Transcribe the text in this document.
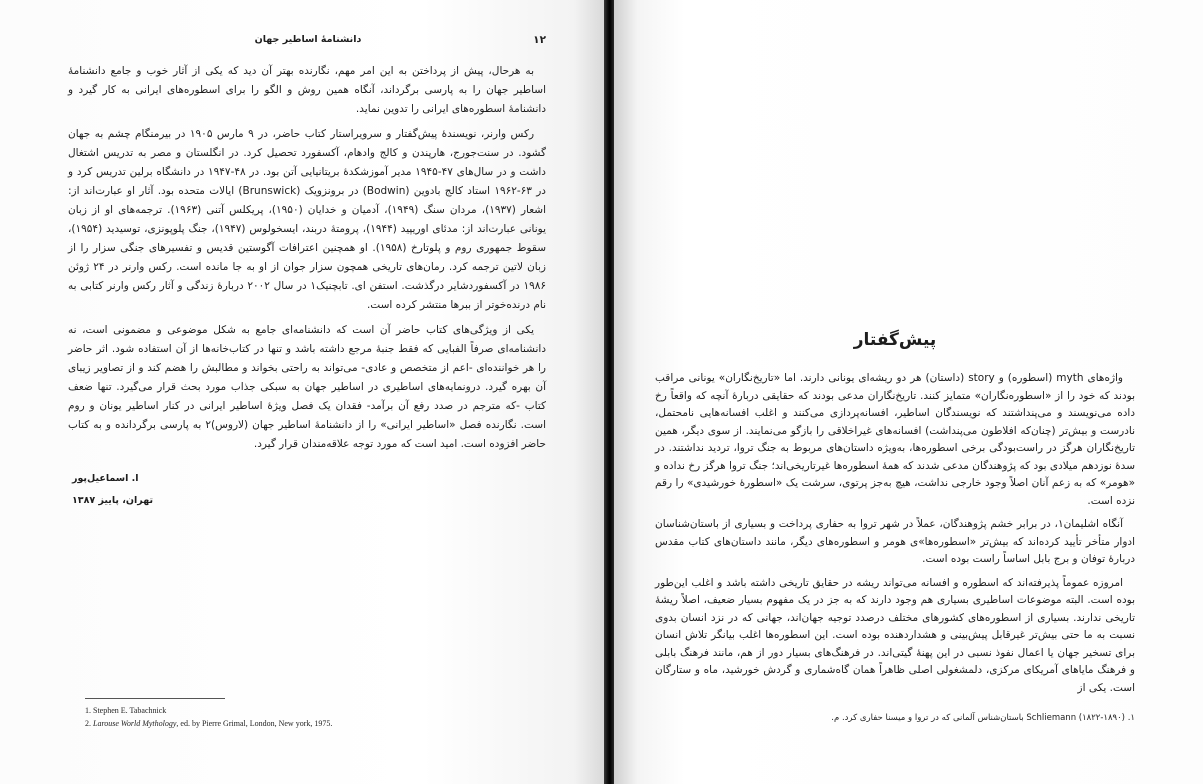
۱۲
دانشنامهٔ اساطیر جهان

به هرحال، پیش از پرداختن به این امر مهم، نگارنده بهتر آن دید که یکی از آثار خوب و جامع دانشنامهٔ اساطیر جهان را به پارسی برگرداند، آنگاه همین روش و الگو را برای اسطوره‌های ایرانی به کار گیرد و دانشنامهٔ اسطوره‌های ایرانی را تدوین نماید.

رکس وارنر، نویسندهٔ پیش‌گفتار و سرویراستار کتاب حاضر، در ۹ مارس ۱۹۰۵ در بیرمنگام چشم به جهان گشود. در سنت‌جورج، هارپندن و کالج وادهام، آکسفورد تحصیل کرد. در انگلستان و مصر به تدریس اشتغال داشت و در سال‌های ۴۷-۱۹۴۵ مدیر آموزشکدهٔ بریتانیایی آتن بود. در ۴۸-۱۹۴۷ در دانشگاه برلین تدریس کرد و در ۶۳-۱۹۶۲ استاد کالج بادوین (Bodwin) در برونزویک (Brunswick) ایالات متحده بود. آثار او عبارت‌اند از: اشعار (۱۹۳۷)، مردان سنگ (۱۹۴۹)، آدمیان و خدایان (۱۹۵۰)، پریکلس آتنی (۱۹۶۳). ترجمه‌های او از زبان یونانی عبارت‌اند از: مدئای اوریپید (۱۹۴۴)، پرومتهٔ دربند، ایسخولوس (۱۹۴۷)، جنگ پلوپونزی، توسیدید (۱۹۵۴)، سقوط جمهوری روم و پلوتارخ (۱۹۵۸). او همچنین اعترافات آگوستین قدیس و تفسیرهای جنگی سزار را از زبان لاتین ترجمه کرد. رمان‌های تاریخی همچون سزار جوان از او به جا مانده است. رکس وارنر در ۲۴ ژوئن ۱۹۸۶ در آکسفوردشایر درگذشت. استفن ای. تابچنیک۱ در سال ۲۰۰۲ دربارهٔ زندگی و آثار رکس وارنر کتابی به نام درنده‌خوتر از ببرها منتشر کرده است.

یکی از ویژگی‌های کتاب حاضر آن است که دانشنامه‌ای جامع به شکل موضوعی و مضمونی است، نه دانشنامه‌ای صرفاً الفبایی که فقط جنبهٔ مرجع داشته باشد و تنها در کتاب‌خانه‌ها از آن استفاده شود. اثر حاضر را هر خواننده‌ای -اعم از متخصص و عادی- می‌تواند به راحتی بخواند و مطالبش را هضم کند و از تصاویر زیبای آن بهره گیرد. درونمایه‌های اساطیری در اساطیر جهان به سبکی جذاب مورد بحث قرار می‌گیرد. تنها ضعف کتاب -که مترجم در صدد رفع آن برآمد- فقدان یک فصل ویژهٔ اساطیر ایرانی در کنار اساطیر یونان و روم است. نگارنده فصل «اساطیر ایرانی» را از دانشنامهٔ اساطیر جهان (لاروس)۲ به پارسی برگردانده و به کتاب حاضر افزوده است. امید است که مورد توجه علاقه‌مندان قرار گیرد.

ا. اسماعیل‌پور
تهران، پاییز ۱۳۸۷
1. Stephen E. Tabachnick
2. Larouse World Mythology, ed. by Pierre Grimal, London, New york, 1975.
پیش‌گفتار

واژه‌های myth (اسطوره) و story (داستان) هر دو ریشه‌ای یونانی دارند. اما «تاریخ‌نگاران» یونانی مراقب بودند که خود را از «اسطوره‌نگاران» متمایز کنند. تاریخ‌نگاران مدعی بودند که حقایقی دربارهٔ آنچه که واقعاً رخ داده می‌نویسند و می‌پنداشتند که نویسندگان اساطیر، افسانه‌پردازی می‌کنند و اغلب افسانه‌هایی نامحتمل، نادرست و بیش‌تر (چنان‌که افلاطون می‌پنداشت) افسانه‌های غیراخلاقی را بازگو می‌نمایند. از سوی دیگر، همین تاریخ‌نگاران هرگز در راست‌بودگی برخی اسطوره‌ها، به‌ویژه داستان‌های مربوط به جنگ تروا، تردید نداشتند. در سدهٔ نوزدهم میلادی بود که پژوهندگان مدعی شدند که همهٔ اسطوره‌ها غیرتاریخی‌اند؛ جنگ تروا هرگز رخ نداده و «هومر» که به زعم آنان اصلاً وجود خارجی نداشت، هیچ به‌جز پرتوی، سرشت یک «اسطورهٔ خورشیدی» را رقم نزده است.

آنگاه اشلیمان۱، در برابر خشم پژوهندگان، عملاً در شهر تروا به حفاری پرداخت و بسیاری از باستان‌شناسان ادوار متأخر تأیید کرده‌اند که بیش‌تر «اسطوره‌ها»ی هومر و اسطوره‌های دیگر، مانند داستان‌های کتاب مقدس دربارهٔ توفان و برج بابل اساساً راست بوده است.

امروزه عموماً پذیرفته‌اند که اسطوره و افسانه می‌تواند ریشه در حقایق تاریخی داشته باشد و اغلب این‌طور بوده است. البته موضوعات اساطیری بسیاری هم وجود دارند که به جز در یک مفهوم بسیار ضعیف، اصلاً ریشهٔ تاریخی ندارند. بسیاری از اسطوره‌های کشورهای مختلف درصدد توجیه جهان‌اند، جهانی که در نزد انسان بدوی نسبت به ما حتی بیش‌تر غیرقابل پیش‌بینی و هشداردهنده بوده است. این اسطوره‌ها اغلب بیانگر تلاش انسان برای تسخیر جهان یا اعمال نفوذ نسبی در این پهنهٔ گیتی‌اند. در فرهنگ‌های بسیار دور از هم، مانند فرهنگ بابلی و فرهنگ مایاهای آمریکای مرکزی، دلمشغولی اصلی ظاهراً همان گاه‌شماری و گردش خورشید، ماه و ستارگان است. یکی از

۱. Schliemann (۱۸۲۲-۱۸۹۰) باستان‌شناس آلمانی که در تروا و میسنا حفاری کرد. م.
